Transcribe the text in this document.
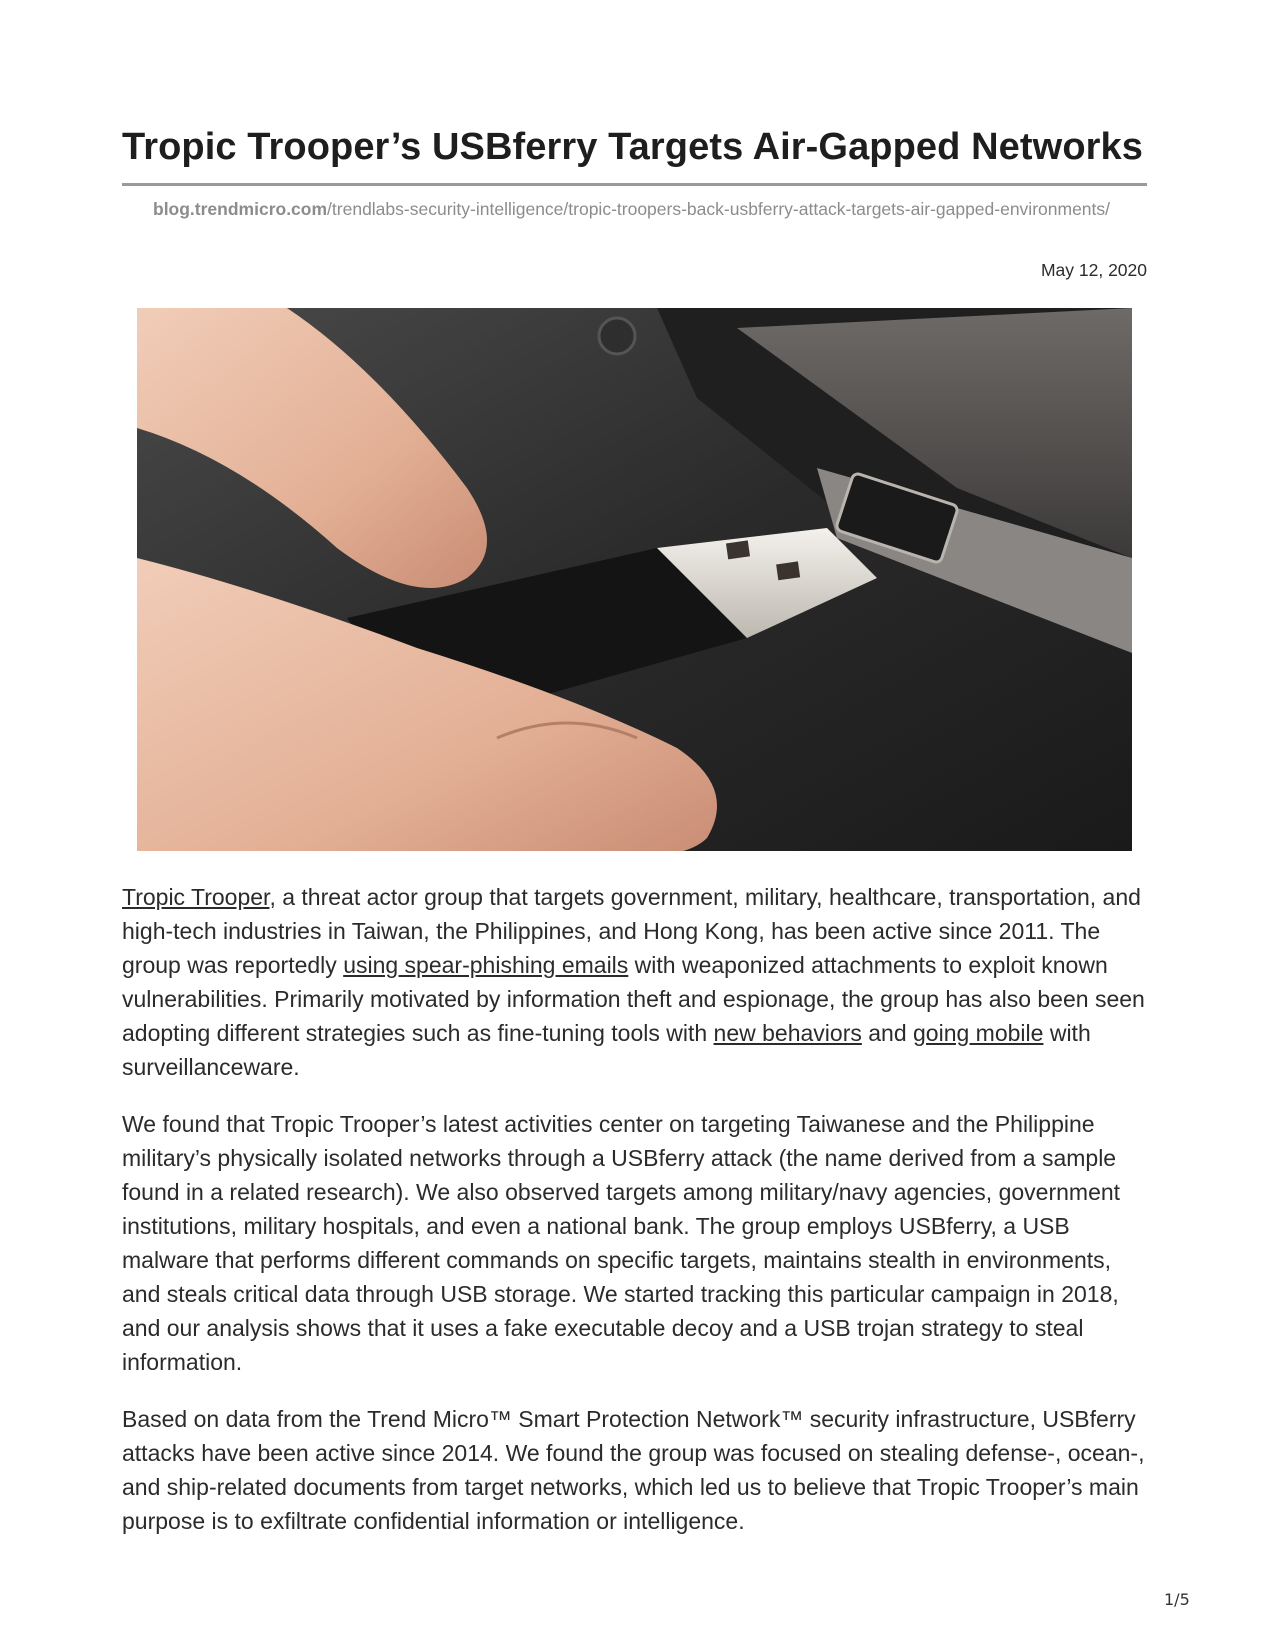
Tropic Trooper’s USBferry Targets Air-Gapped Networks
blog.trendmicro.com/trendlabs-security-intelligence/tropic-troopers-back-usbferry-attack-targets-air-gapped-environments/
May 12, 2020

Tropic Trooper, a threat actor group that targets government, military, healthcare, transportation, and high-tech industries in Taiwan, the Philippines, and Hong Kong, has been active since 2011. The group was reportedly using spear-phishing emails with weaponized attachments to exploit known vulnerabilities. Primarily motivated by information theft and espionage, the group has also been seen adopting different strategies such as fine-tuning tools with new behaviors and going mobile with surveillanceware.

We found that Tropic Trooper’s latest activities center on targeting Taiwanese and the Philippine military’s physically isolated networks through a USBferry attack (the name derived from a sample found in a related research). We also observed targets among military/navy agencies, government institutions, military hospitals, and even a national bank. The group employs USBferry, a USB malware that performs different commands on specific targets, maintains stealth in environments, and steals critical data through USB storage. We started tracking this particular campaign in 2018, and our analysis shows that it uses a fake executable decoy and a USB trojan strategy to steal information.

Based on data from the Trend Micro™ Smart Protection Network™ security infrastructure, USBferry attacks have been active since 2014. We found the group was focused on stealing defense-, ocean-, and ship-related documents from target networks, which led us to believe that Tropic Trooper’s main purpose is to exfiltrate confidential information or intelligence.

1/5
